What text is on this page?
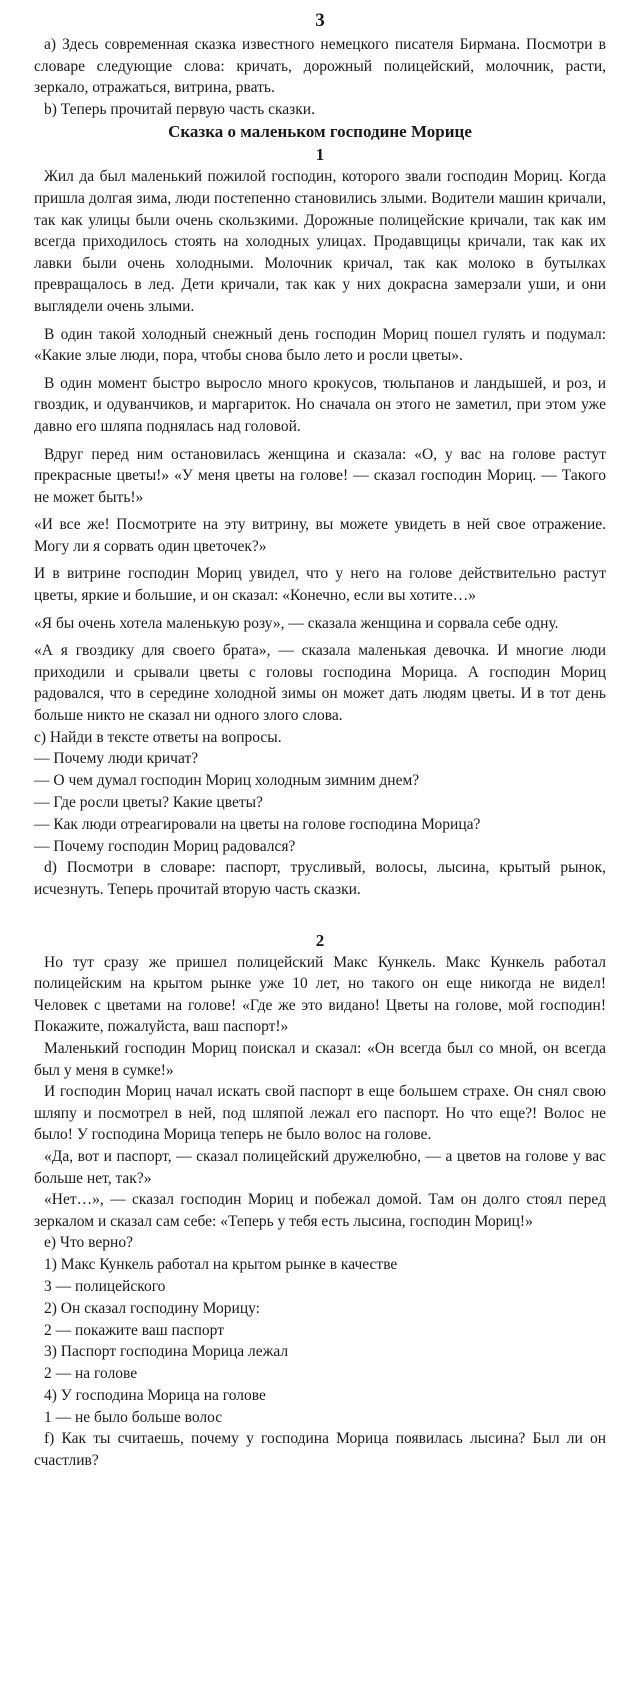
3

a) Здесь современная сказка известного немецкого писателя Бирмана. Посмотри в словаре следующие слова: кричать, дорожный полицейский, молочник, расти, зеркало, отражаться, витрина, рвать.

b) Теперь прочитай первую часть сказки.

Сказка о маленьком господине Морице
1

Жил да был маленький пожилой господин, которого звали господин Мориц. Когда пришла долгая зима, люди постепенно становились злыми. Водители машин кричали, так как улицы были очень скользкими. Дорожные полицейские кричали, так как им всегда приходилось стоять на холодных улицах. Продавщицы кричали, так как их лавки были очень холодными. Молочник кричал, так как молоко в бутылках превращалось в лед. Дети кричали, так как у них докрасна замерзали уши, и они выглядели очень злыми.

В один такой холодный снежный день господин Мориц пошел гулять и подумал: «Какие злые люди, пора, чтобы снова было лето и росли цветы».

В один момент быстро выросло много крокусов, тюльпанов и ландышей, и роз, и гвоздик, и одуванчиков, и маргариток. Но сначала он этого не заметил, при этом уже давно его шляпа поднялась над головой.

Вдруг перед ним остановилась женщина и сказала: «О, у вас на голове растут прекрасные цветы!» «У меня цветы на голове! — сказал господин Мориц. — Такого не может быть!»

«И все же! Посмотрите на эту витрину, вы можете увидеть в ней свое отражение. Могу ли я сорвать один цветочек?»

И в витрине господин Мориц увидел, что у него на голове действительно растут цветы, яркие и большие, и он сказал: «Конечно, если вы хотите…»

«Я бы очень хотела маленькую розу», — сказала женщина и сорвала себе одну.

«А я гвоздику для своего брата», — сказала маленькая девочка. И многие люди приходили и срывали цветы с головы господина Морица. А господин Мориц радовался, что в середине холодной зимы он может дать людям цветы. И в тот день больше никто не сказал ни одного злого слова.

c) Найди в тексте ответы на вопросы.

— Почему люди кричат?

— О чем думал господин Мориц холодным зимним днем?

— Где росли цветы? Какие цветы?

— Как люди отреагировали на цветы на голове господина Морица?

— Почему господин Мориц радовался?

d) Посмотри в словаре: паспорт, трусливый, волосы, лысина, крытый рынок, исчезнуть. Теперь прочитай вторую часть сказки.

2

Но тут сразу же пришел полицейский Макс Кункель. Макс Кункель работал полицейским на крытом рынке уже 10 лет, но такого он еще никогда не видел! Человек с цветами на голове! «Где же это видано! Цветы на голове, мой господин! Покажите, пожалуйста, ваш паспорт!»

Маленький господин Мориц поискал и сказал: «Он всегда был со мной, он всегда был у меня в сумке!»

И господин Мориц начал искать свой паспорт в еще большем страхе. Он снял свою шляпу и посмотрел в ней, под шляпой лежал его паспорт. Но что еще?! Волос не было! У господина Морица теперь не было волос на голове.

«Да, вот и паспорт, — сказал полицейский дружелюбно, — а цветов на голове у вас больше нет, так?»

«Нет…», — сказал господин Мориц и побежал домой. Там он долго стоял перед зеркалом и сказал сам себе: «Теперь у тебя есть лысина, господин Мориц!»

e) Что верно?

1) Макс Кункель работал на крытом рынке в качестве

3 — полицейского

2) Он сказал господину Морицу:

2 — покажите ваш паспорт

3) Паспорт господина Морица лежал

2 — на голове

4) У господина Морица на голове

1 — не было больше волос

f) Как ты считаешь, почему у господина Морица появилась лысина? Был ли он счастлив?
